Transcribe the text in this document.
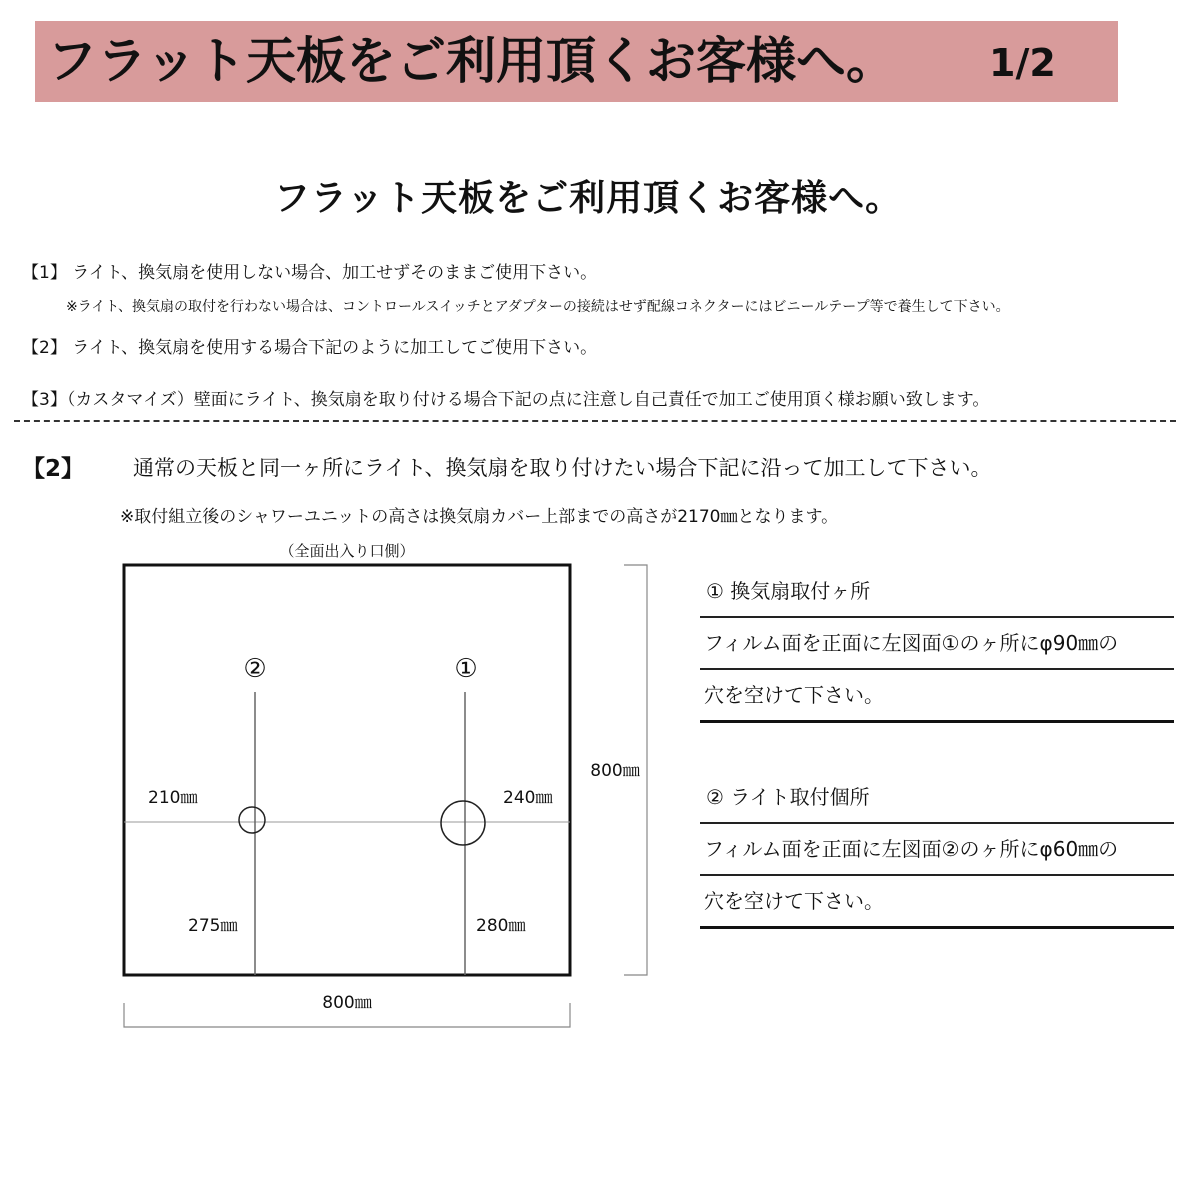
フラット天板をご利用頂くお客様へ。 1/2
フラット天板をご利用頂くお客様へ。
【1】 ライト、換気扇を使用しない場合、加工せずそのままご使用下さい。
※ライト、換気扇の取付を行わない場合は、コントロールスイッチとアダプターの接続はせず配線コネクターにはビニールテープ等で養生して下さい。
【2】 ライト、換気扇を使用する場合下記のように加工してご使用下さい。
【3】（カスタマイズ）壁面にライト、換気扇を取り付ける場合下記の点に注意し自己責任で加工ご使用頂く様お願い致します。
【2】 通常の天板と同一ヶ所にライト、換気扇を取り付けたい場合下記に沿って加工して下さい。
※取付組立後のシャワーユニットの高さは換気扇カバー上部までの高さが2170㎜となります。
（全面出入り口側）
②	①
210㎜	240㎜
275㎜	280㎜
800㎜
800㎜
① 換気扇取付ヶ所
フィルム面を正面に左図面①のヶ所にφ90㎜の
穴を空けて下さい。
② ライト取付個所
フィルム面を正面に左図面②のヶ所にφ60㎜の
穴を空けて下さい。
